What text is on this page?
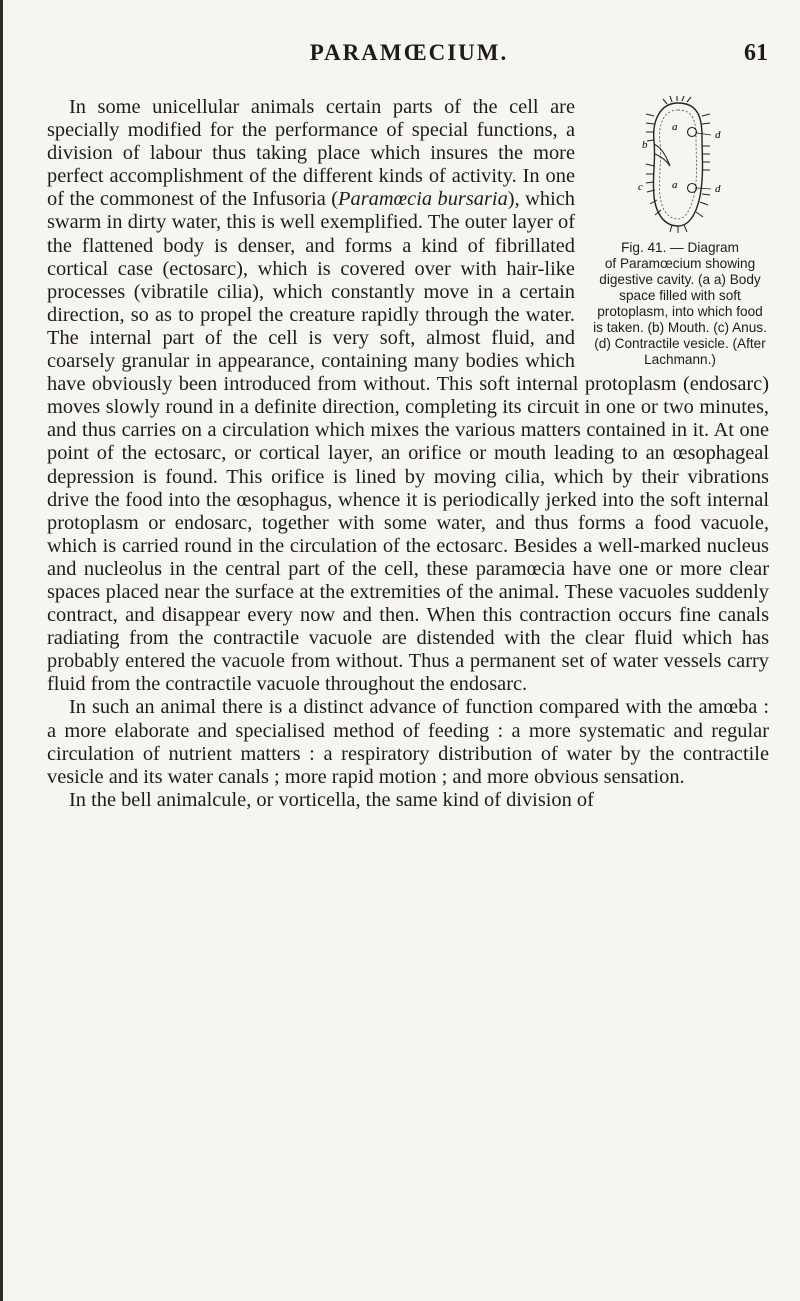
PARAMŒCIUM.	61
a
a
b
c
d
d
Fig. 41. — Diagram
of Paramœcium showing digestive cavity. (a a) Body space filled with soft protoplasm, into which food is taken. (b) Mouth. (c) Anus. (d) Contractile vesicle. (After Lachmann.)

In some unicellular animals certain parts of the cell are specially modified for the performance of special functions, a division of labour thus taking place which insures the more perfect accomplishment of the different kinds of activity. In one of the commonest of the Infusoria (Paramœcia bursaria), which swarm in dirty water, this is well exemplified. The outer layer of the flattened body is denser, and forms a kind of fibrillated cortical case (ectosarc), which is covered over with hair-like processes (vibratile cilia), which constantly move in a certain direction, so as to propel the creature rapidly through the water. The internal part of the cell is very soft, almost fluid, and coarsely granular in appearance, containing many bodies which have obviously been introduced from without. This soft internal protoplasm (endosarc) moves slowly round in a definite direction, completing its circuit in one or two minutes, and thus carries on a circulation which mixes the various matters contained in it. At one point of the ectosarc, or cortical layer, an orifice or mouth leading to an œsophageal depression is found. This orifice is lined by moving cilia, which by their vibrations drive the food into the œsophagus, whence it is periodically jerked into the soft internal protoplasm or endosarc, together with some water, and thus forms a food vacuole, which is carried round in the circulation of the ectosarc. Besides a well-marked nucleus and nucleolus in the central part of the cell, these paramœcia have one or more clear spaces placed near the surface at the extremities of the animal. These vacuoles suddenly contract, and disappear every now and then. When this contraction occurs fine canals radiating from the contractile vacuole are distended with the clear fluid which has probably entered the vacuole from without. Thus a permanent set of water vessels carry fluid from the contractile vacuole throughout the endosarc.

In such an animal there is a distinct advance of function compared with the amœba : a more elaborate and specialised method of feeding : a more systematic and regular circulation of nutrient matters : a respiratory distribution of water by the contractile vesicle and its water canals ; more rapid motion ; and more obvious sensation.

In the bell animalcule, or vorticella, the same kind of division of
